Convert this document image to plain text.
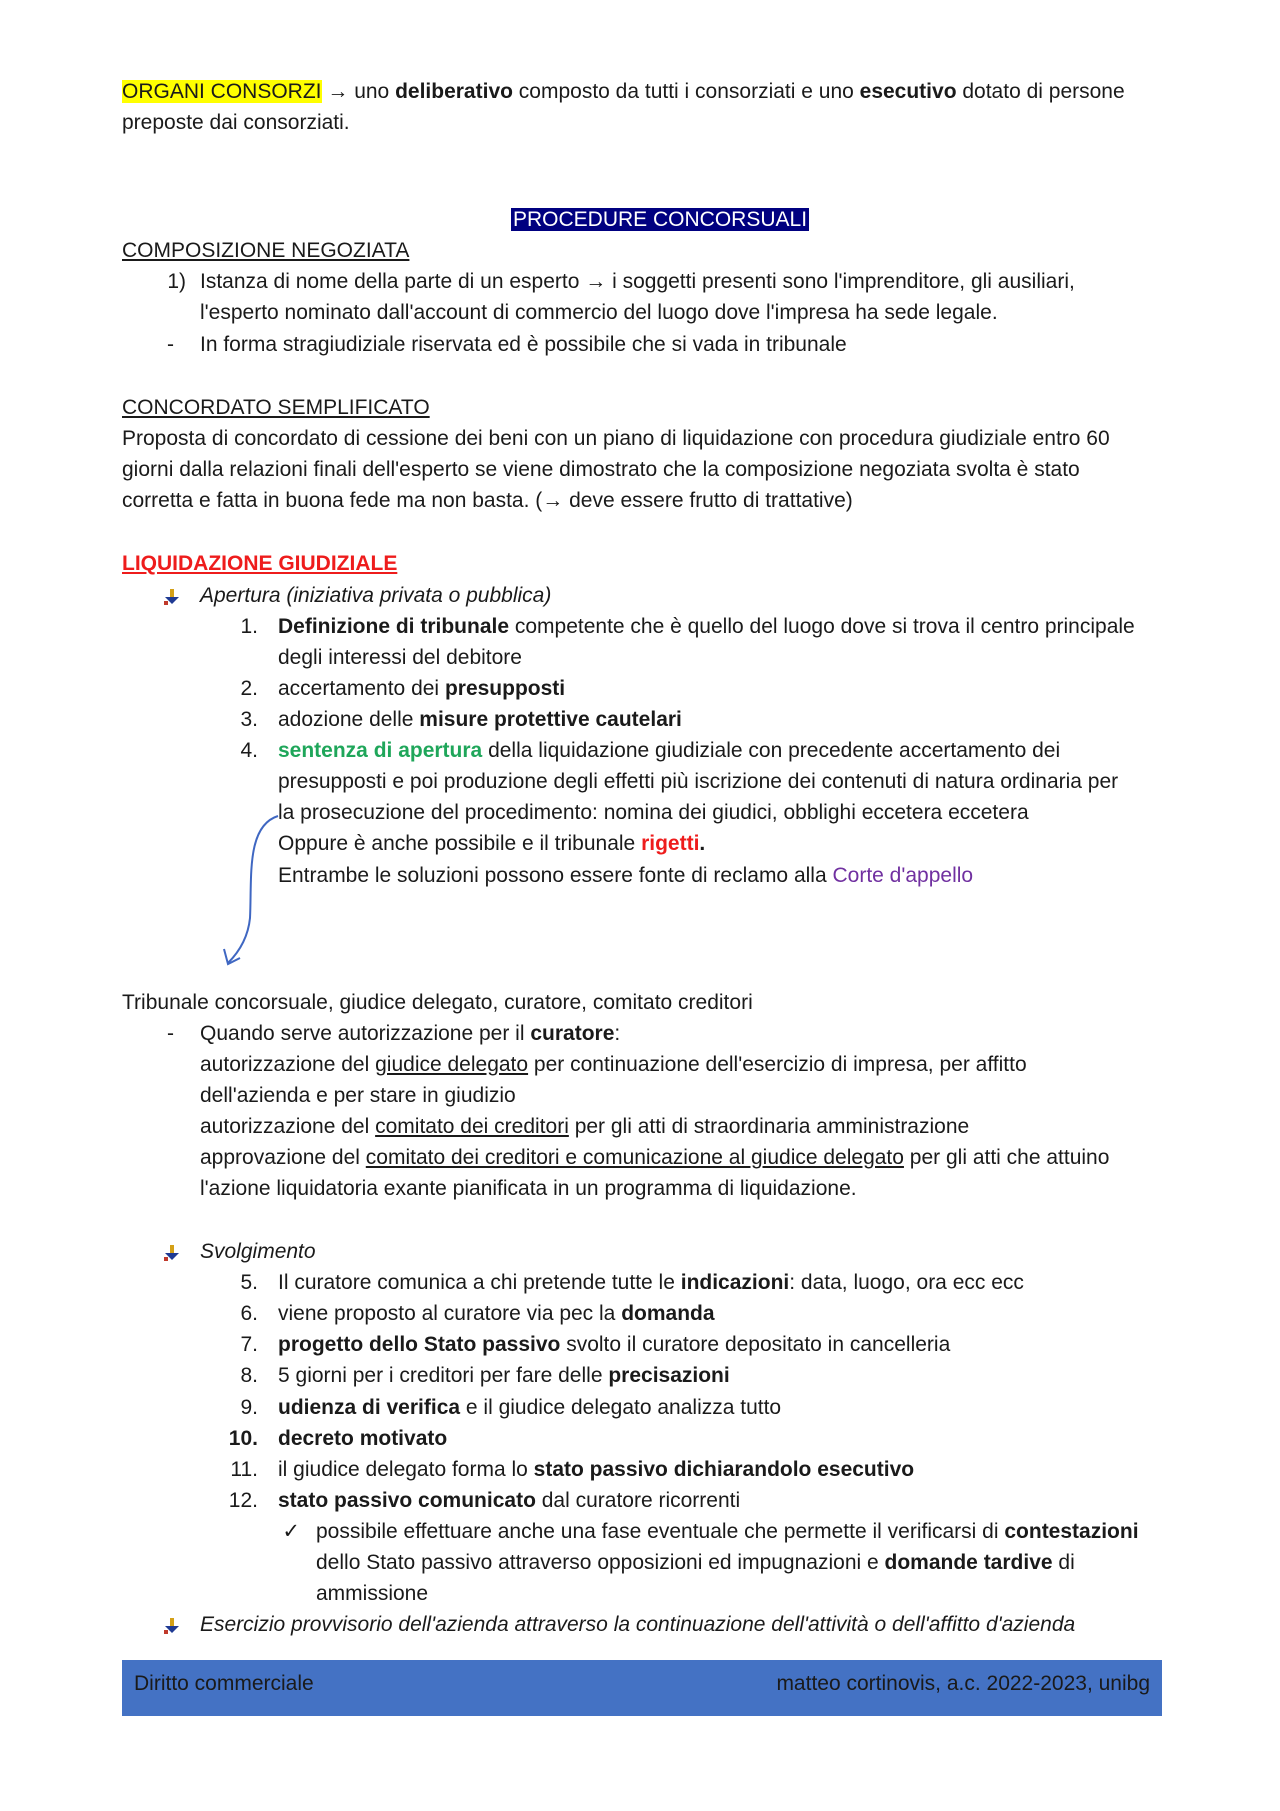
ORGANI CONSORZI → uno deliberativo composto da tutti i consorziati e uno esecutivo dotato di persone
preposte dai consorziati.
PROCEDURE CONCORSUALI
COMPOSIZIONE NEGOZIATA
1) Istanza di nome della parte di un esperto → i soggetti presenti sono l'imprenditore, gli ausiliari,
l'esperto nominato dall'account di commercio del luogo dove l'impresa ha sede legale.
- In forma stragiudiziale riservata ed è possibile che si vada in tribunale
CONCORDATO SEMPLIFICATO
Proposta di concordato di cessione dei beni con un piano di liquidazione con procedura giudiziale entro 60
giorni dalla relazioni finali dell'esperto se viene dimostrato che la composizione negoziata svolta è stato
corretta e fatta in buona fede ma non basta. (→ deve essere frutto di trattative)
LIQUIDAZIONE GIUDIZIALE
Apertura (iniziativa privata o pubblica)
1. Definizione di tribunale competente che è quello del luogo dove si trova il centro principale
degli interessi del debitore
2. accertamento dei presupposti
3. adozione delle misure protettive cautelari
4. sentenza di apertura della liquidazione giudiziale con precedente accertamento dei
presupposti e poi produzione degli effetti più iscrizione dei contenuti di natura ordinaria per
la prosecuzione del procedimento: nomina dei giudici, obblighi eccetera eccetera
Oppure è anche possibile e il tribunale rigetti.
Entrambe le soluzioni possono essere fonte di reclamo alla Corte d'appello
Tribunale concorsuale, giudice delegato, curatore, comitato creditori
- Quando serve autorizzazione per il curatore:
autorizzazione del giudice delegato per continuazione dell'esercizio di impresa, per affitto
dell'azienda e per stare in giudizio
autorizzazione del comitato dei creditori per gli atti di straordinaria amministrazione
approvazione del comitato dei creditori e comunicazione al giudice delegato per gli atti che attuino
l'azione liquidatoria exante pianificata in un programma di liquidazione.
Svolgimento
5. Il curatore comunica a chi pretende tutte le indicazioni: data, luogo, ora ecc ecc
6. viene proposto al curatore via pec la domanda
7. progetto dello Stato passivo svolto il curatore depositato in cancelleria
8. 5 giorni per i creditori per fare delle precisazioni
9. udienza di verifica e il giudice delegato analizza tutto
10. decreto motivato
11. il giudice delegato forma lo stato passivo dichiarandolo esecutivo
12. stato passivo comunicato dal curatore ricorrenti
✓ possibile effettuare anche una fase eventuale che permette il verificarsi di contestazioni
dello Stato passivo attraverso opposizioni ed impugnazioni e domande tardive di
ammissione
Esercizio provvisorio dell'azienda attraverso la continuazione dell'attività o dell'affitto d'azienda
Diritto commerciale	matteo cortinovis, a.c. 2022-2023, unibg
